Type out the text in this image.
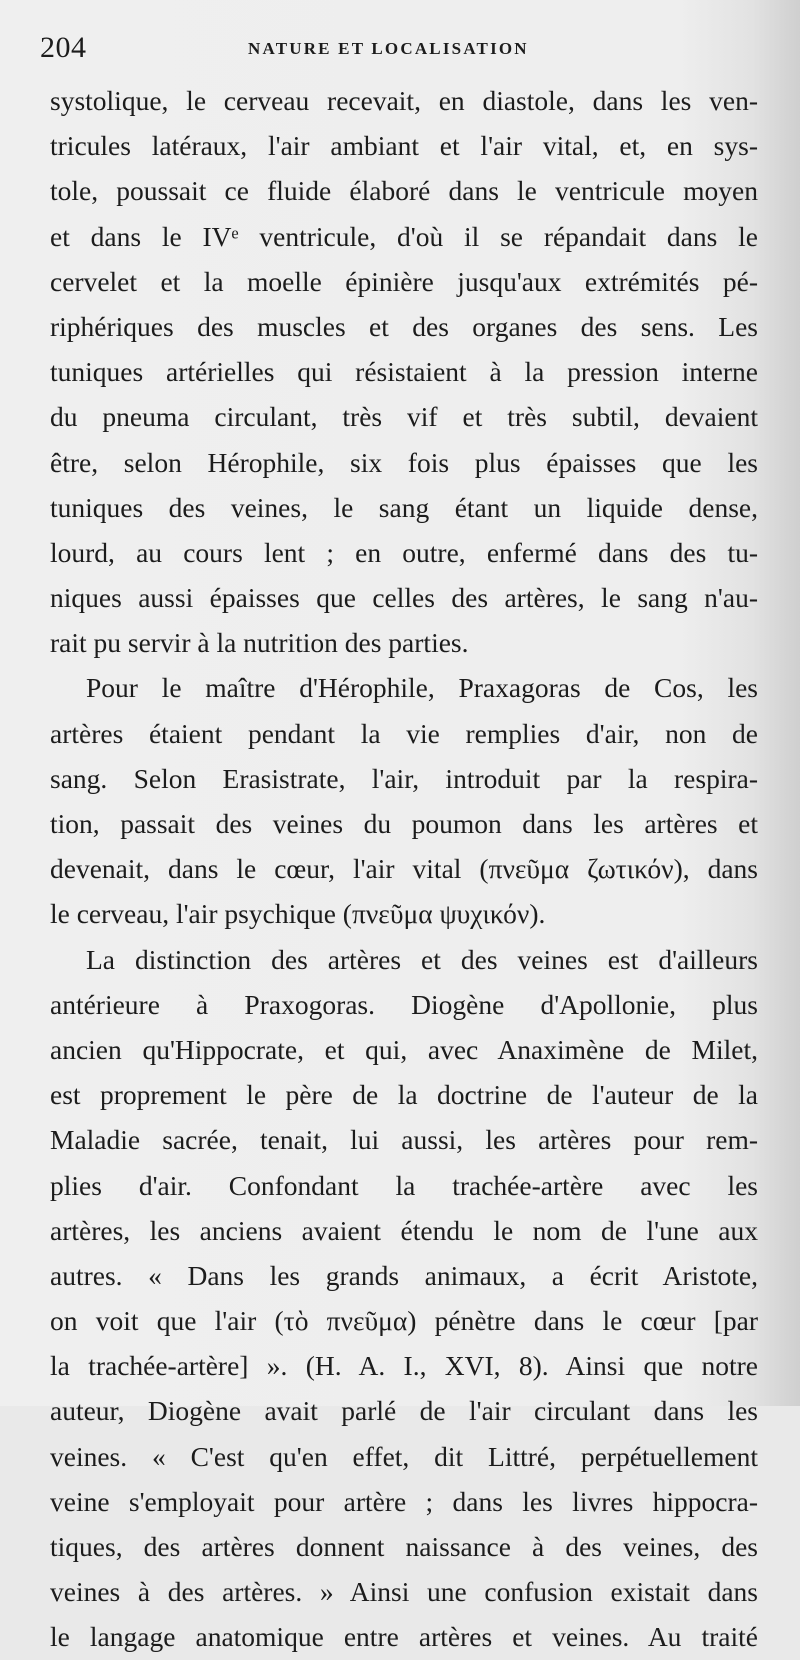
204	NATURE ET LOCALISATION
systolique, le cerveau recevait, en diastole, dans les ven-
tricules latéraux, l'air ambiant et l'air vital, et, en sys-
tole, poussait ce fluide élaboré dans le ventricule moyen
et dans le IVᵉ ventricule, d'où il se répandait dans le
cervelet et la moelle épinière jusqu'aux extrémités pé-
riphériques des muscles et des organes des sens. Les
tuniques artérielles qui résistaient à la pression interne
du pneuma circulant, très vif et très subtil, devaient
être, selon Hérophile, six fois plus épaisses que les
tuniques des veines, le sang étant un liquide dense,
lourd, au cours lent ; en outre, enfermé dans des tu-
niques aussi épaisses que celles des artères, le sang n'au-
rait pu servir à la nutrition des parties.
Pour le maître d'Hérophile, Praxagoras de Cos, les
artères étaient pendant la vie remplies d'air, non de
sang. Selon Erasistrate, l'air, introduit par la respira-
tion, passait des veines du poumon dans les artères et
devenait, dans le cœur, l'air vital (πνεῦμα ζωτικόν), dans
le cerveau, l'air psychique (πνεῦμα ψυχικόν).
La distinction des artères et des veines est d'ailleurs
antérieure à Praxogoras. Diogène d'Apollonie, plus
ancien qu'Hippocrate, et qui, avec Anaximène de Milet,
est proprement le père de la doctrine de l'auteur de la
Maladie sacrée, tenait, lui aussi, les artères pour rem-
plies d'air. Confondant la trachée-artère avec les
artères, les anciens avaient étendu le nom de l'une aux
autres. « Dans les grands animaux, a écrit Aristote,
on voit que l'air (τὸ πνεῦμα) pénètre dans le cœur [par
la trachée-artère] ». (H. A. I., XVI, 8). Ainsi que notre
auteur, Diogène avait parlé de l'air circulant dans les
veines. « C'est qu'en effet, dit Littré, perpétuellement
veine s'employait pour artère ; dans les livres hippocra-
tiques, des artères donnent naissance à des veines, des
veines à des artères. » Ainsi une confusion existait dans
le langage anatomique entre artères et veines. Au traité
